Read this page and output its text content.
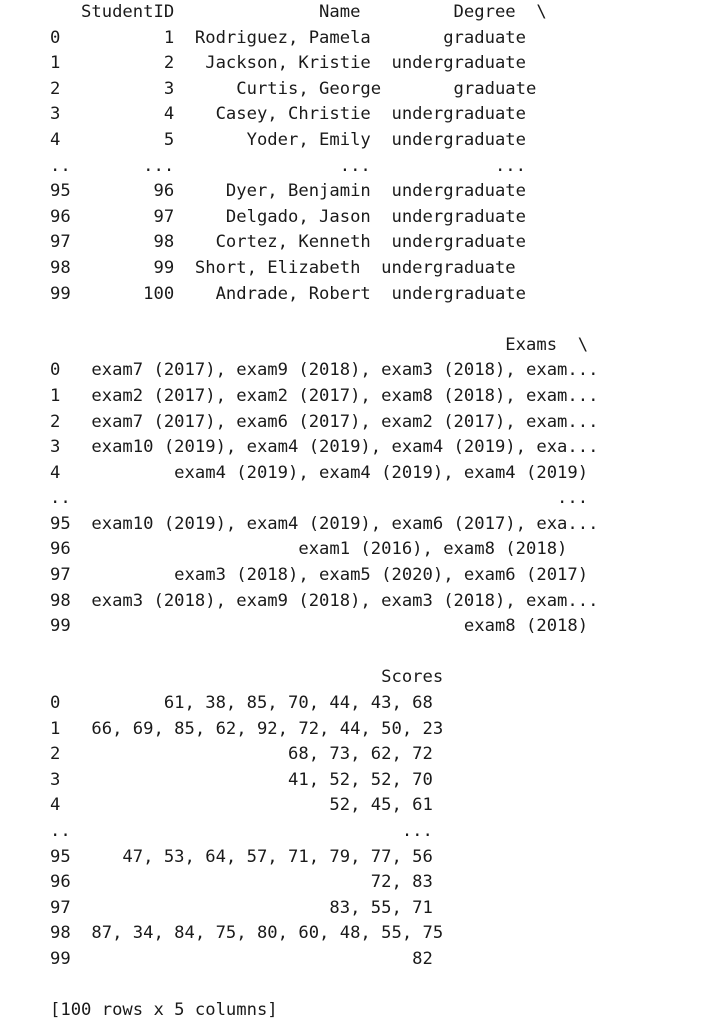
StudentID              Name         Degree  \
0          1  Rodriguez, Pamela       graduate
1          2   Jackson, Kristie  undergraduate
2          3      Curtis, George       graduate
3          4    Casey, Christie  undergraduate
4          5       Yoder, Emily  undergraduate
..       ...                ...            ...
95        96     Dyer, Benjamin  undergraduate
96        97     Delgado, Jason  undergraduate
97        98    Cortez, Kenneth  undergraduate
98        99  Short, Elizabeth  undergraduate
99       100    Andrade, Robert  undergraduate
Exams  \
0   exam7 (2017), exam9 (2018), exam3 (2018), exam...
1   exam2 (2017), exam2 (2017), exam8 (2018), exam...
2   exam7 (2017), exam6 (2017), exam2 (2017), exam...
3   exam10 (2019), exam4 (2019), exam4 (2019), exa...
4           exam4 (2019), exam4 (2019), exam4 (2019)
..                                               ...
95  exam10 (2019), exam4 (2019), exam6 (2017), exa...
96                      exam1 (2016), exam8 (2018)
97          exam3 (2018), exam5 (2020), exam6 (2017)
98  exam3 (2018), exam9 (2018), exam3 (2018), exam...
99                                      exam8 (2018)
Scores
0          61, 38, 85, 70, 44, 43, 68
1   66, 69, 85, 62, 92, 72, 44, 50, 23
2                      68, 73, 62, 72
3                      41, 52, 52, 70
4                          52, 45, 61
..                                ...
95     47, 53, 64, 57, 71, 79, 77, 56
96                             72, 83
97                         83, 55, 71
98  87, 34, 84, 75, 80, 60, 48, 55, 75
99                                 82
[100 rows x 5 columns]
